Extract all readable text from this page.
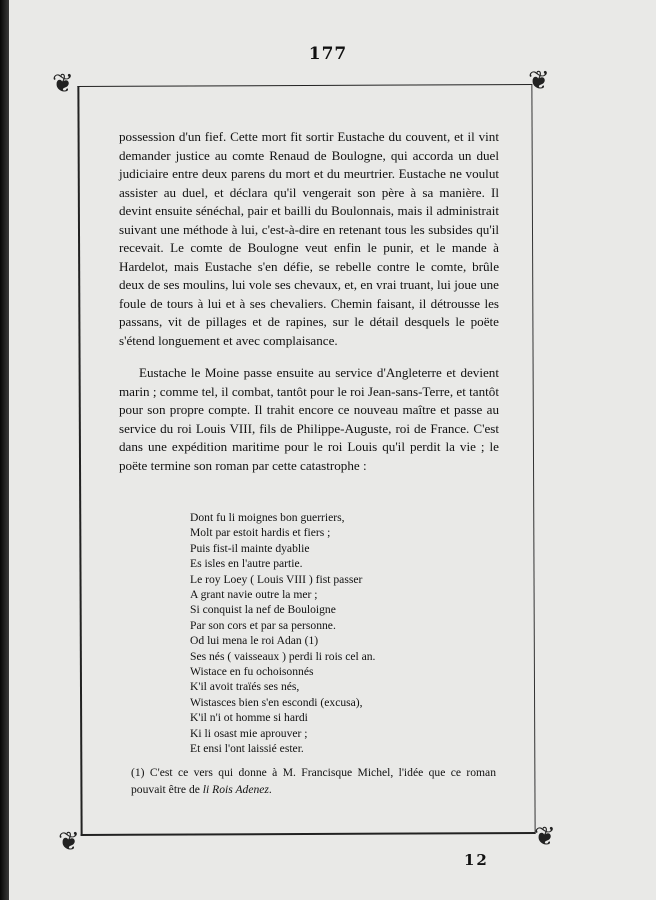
177
❦	❦
❦	❦

possession d'un fief. Cette mort fit sortir Eustache du couvent, et il vint demander justice au comte Renaud de Boulogne, qui accorda un duel judiciaire entre deux parens du mort et du meurtrier. Eustache ne voulut assister au duel, et déclara qu'il vengerait son père à sa manière. Il devint ensuite sénéchal, pair et bailli du Boulonnais, mais il administrait suivant une méthode à lui, c'est-à-dire en retenant tous les subsides qu'il recevait. Le comte de Boulogne veut enfin le punir, et le mande à Hardelot, mais Eustache s'en défie, se rebelle contre le comte, brûle deux de ses moulins, lui vole ses chevaux, et, en vrai truant, lui joue une foule de tours à lui et à ses chevaliers. Chemin faisant, il détrousse les passans, vit de pillages et de rapines, sur le détail desquels le poëte s'étend longuement et avec complaisance.

Eustache le Moine passe ensuite au service d'Angleterre et devient marin ; comme tel, il combat, tantôt pour le roi Jean-sans-Terre, et tantôt pour son propre compte. Il trahit encore ce nouveau maître et passe au service du roi Louis VIII, fils de Philippe-Auguste, roi de France. C'est dans une expédition maritime pour le roi Louis qu'il perdit la vie ; le poëte termine son roman par cette catastrophe :

Dont fu li moignes bon guerriers,
Molt par estoit hardis et fiers ;
Puis fist-il mainte dyablie
Es isles en l'autre partie.
Le roy Loey ( Louis VIII ) fist passer
A grant navie outre la mer ;
Si conquist la nef de Bouloigne
Par son cors et par sa personne.
Od lui mena le roi Adan (1)
Ses nés ( vaisseaux ) perdi li rois cel an.
Wistace en fu ochoisonnés
K'il avoit traïés ses nés,
Wistasces bien s'en escondi (excusa),
K'il n'i ot homme si hardi
Ki li osast mie aprouver ;
Et ensi l'ont laissié ester.
(1) C'est ce vers qui donne à M. Francisque Michel, l'idée que ce roman pouvait être de li Rois Adenez.
12
